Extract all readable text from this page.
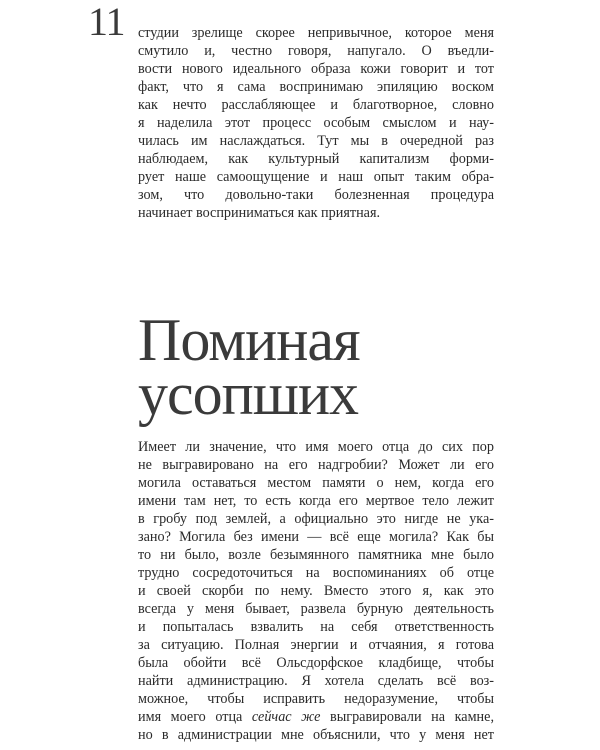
11 студии зрелище скорее непривычное, которое меня
смутило и, честно говоря, напугало. О въедли-
вости нового идеального образа кожи говорит и тот
факт, что я сама воспринимаю эпиляцию воском
как нечто расслабляющее и благотворное, словно
я наделила этот процесс особым смыслом и нау-
чилась им наслаждаться. Тут мы в очередной раз
наблюдаем, как культурный капитализм форми-
рует наше самоощущение и наш опыт таким обра-
зом, что довольно-таки болезненная процедура
начинает восприниматься как приятная.
Поминая
усопших
Имеет ли значение, что имя моего отца до сих пор
не выгравировано на его надгробии? Может ли его
могила оставаться местом памяти о нем, когда его
имени там нет, то есть когда его мертвое тело лежит
в гробу под землей, а официально это нигде не ука-
зано? Могила без имени — всё еще могила? Как бы
то ни было, возле безымянного памятника мне было
трудно сосредоточиться на воспоминаниях об отце
и своей скорби по нему. Вместо этого я, как это
всегда у меня бывает, развела бурную деятельность
и попыталась взвалить на себя ответственность
за ситуацию. Полная энергии и отчаяния, я готова
была обойти всё Ольсдорфское кладбище, чтобы
найти администрацию. Я хотела сделать всё воз-
можное, чтобы исправить недоразумение, чтобы
имя моего отца сейчас же выгравировали на камне,
но в администрации мне объяснили, что у меня нет
